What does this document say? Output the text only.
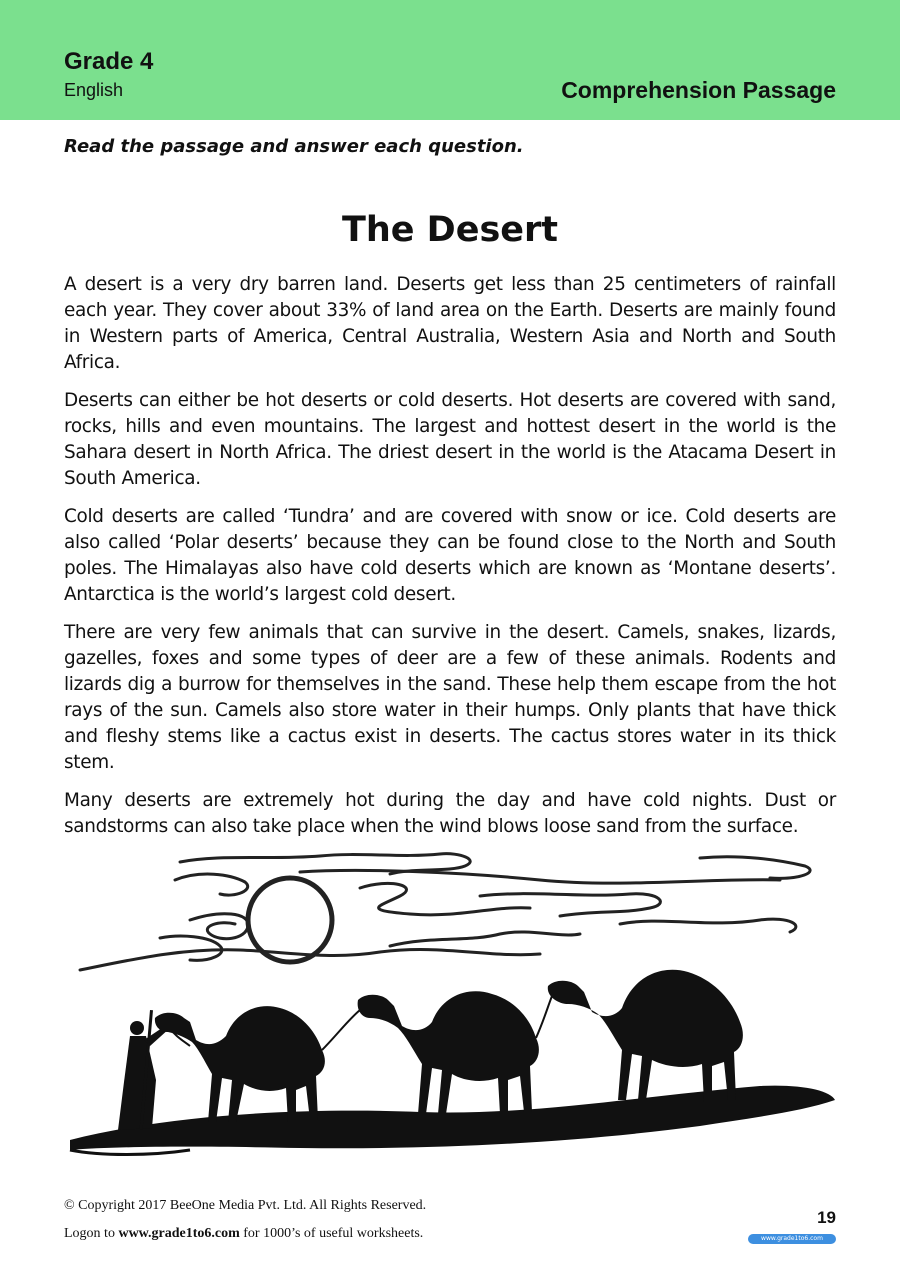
Grade 4
English	Comprehension Passage
Read the passage and answer each question.
The Desert

A desert is a very dry barren land. Deserts get less than 25 centimeters of rainfall each year. They cover about 33% of land area on the Earth. Deserts are mainly found in Western parts of America, Central Australia, Western Asia and North and South Africa.

Deserts can either be hot deserts or cold deserts. Hot deserts are covered with sand, rocks, hills and even mountains. The largest and hottest desert in the world is the Sahara desert in North Africa. The driest desert in the world is the Atacama Desert in South America.

Cold deserts are called ‘Tundra’ and are covered with snow or ice. Cold deserts are also called ‘Polar deserts’ because they can be found close to the North and South poles. The Himalayas also have cold deserts which are known as ‘Montane deserts’. Antarctica is the world’s largest cold desert.

There are very few animals that can survive in the desert. Camels, snakes, lizards, gazelles, foxes and some types of deer are a few of these animals. Rodents and lizards dig a burrow for themselves in the sand. These help them escape from the hot rays of the sun. Camels also store water in their humps. Only plants that have thick and fleshy stems like a cactus exist in deserts. The cactus stores water in its thick stem.

Many deserts are extremely hot during the day and have cold nights. Dust or sandstorms can also take place when the wind blows loose sand from the surface.

© Copyright 2017 BeeOne Media Pvt. Ltd. All Rights Reserved.
Logon to www.grade1to6.com for 1000’s of useful worksheets.
19
www.grade1to6.com
